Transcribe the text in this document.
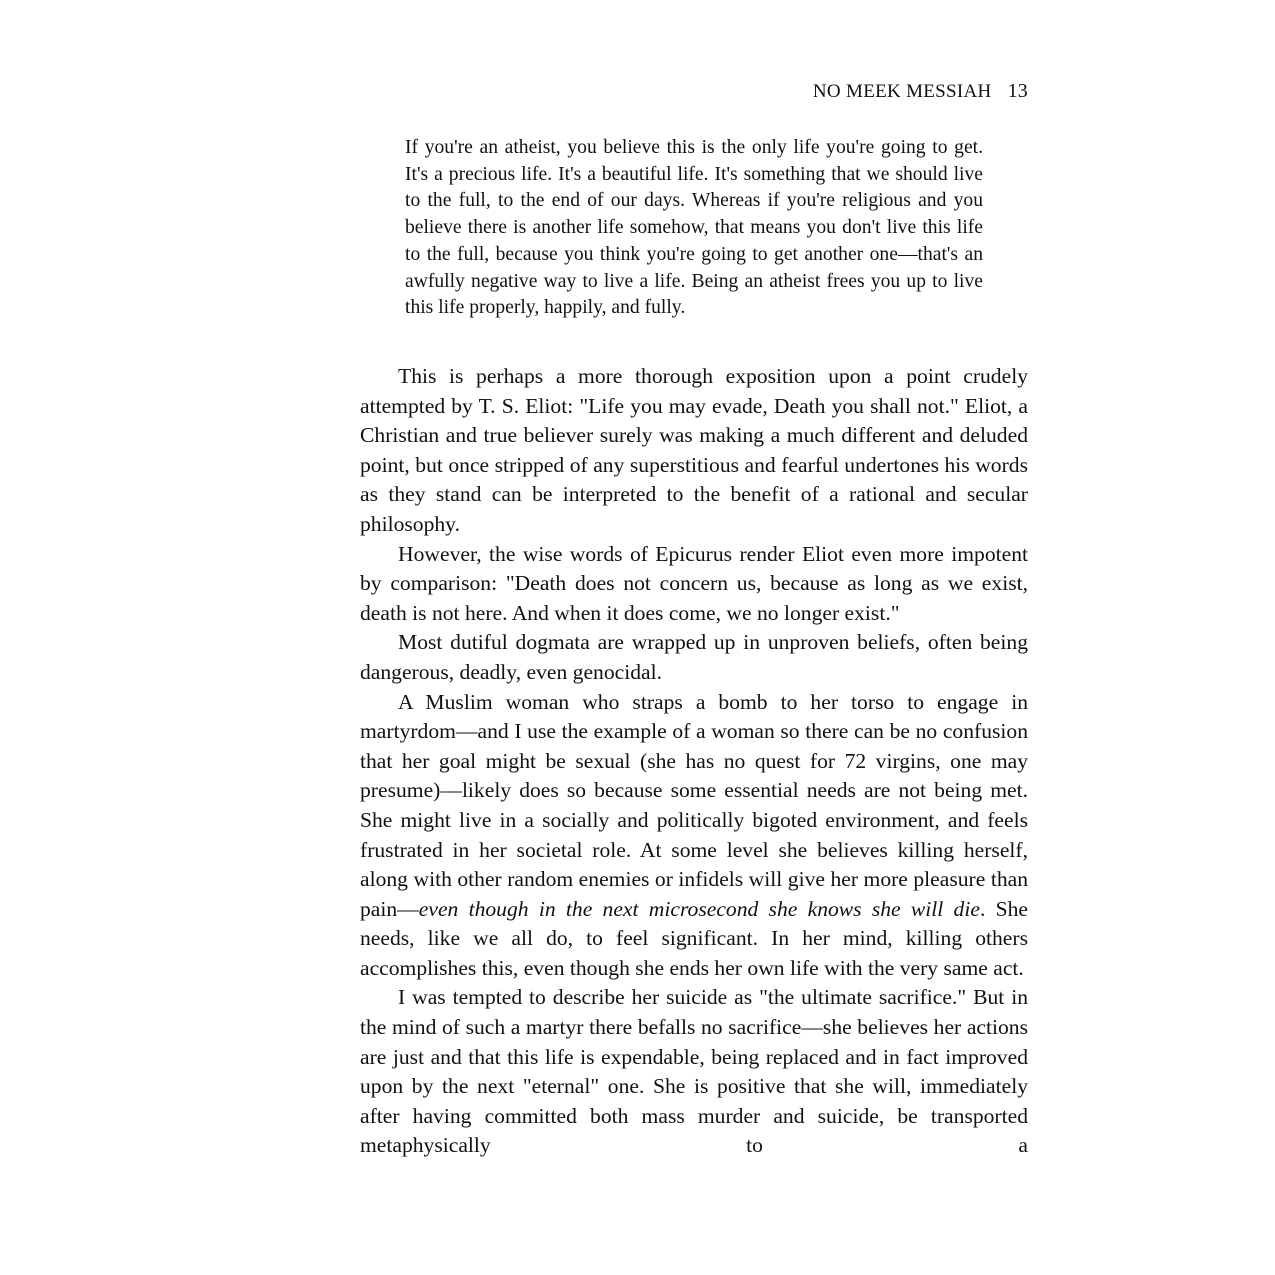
NO MEEK MESSIAH 13
If you're an atheist, you believe this is the only life you're going to get. It's a precious life. It's a beautiful life. It's something that we should live to the full, to the end of our days. Whereas if you're religious and you believe there is another life somehow, that means you don't live this life to the full, because you think you're going to get another one—that's an awfully negative way to live a life. Being an atheist frees you up to live this life properly, happily, and fully.

This is perhaps a more thorough exposition upon a point crudely attempted by T. S. Eliot: "Life you may evade, Death you shall not." Eliot, a Christian and true believer surely was making a much different and deluded point, but once stripped of any superstitious and fearful undertones his words as they stand can be interpreted to the benefit of a rational and secular philosophy.

However, the wise words of Epicurus render Eliot even more impotent by comparison: "Death does not concern us, because as long as we exist, death is not here. And when it does come, we no longer exist."

Most dutiful dogmata are wrapped up in unproven beliefs, often being dangerous, deadly, even genocidal.

A Muslim woman who straps a bomb to her torso to engage in martyrdom—and I use the example of a woman so there can be no confusion that her goal might be sexual (she has no quest for 72 virgins, one may presume)—likely does so because some essential needs are not being met. She might live in a socially and politically bigoted environment, and feels frustrated in her societal role. At some level she believes killing herself, along with other random enemies or infidels will give her more pleasure than pain—even though in the next microsecond she knows she will die. She needs, like we all do, to feel significant. In her mind, killing others accomplishes this, even though she ends her own life with the very same act.

I was tempted to describe her suicide as "the ultimate sacrifice." But in the mind of such a martyr there befalls no sacrifice—she believes her actions are just and that this life is expendable, being replaced and in fact improved upon by the next "eternal" one. She is positive that she will, immediately after having committed both mass murder and suicide, be transported metaphysically to a
